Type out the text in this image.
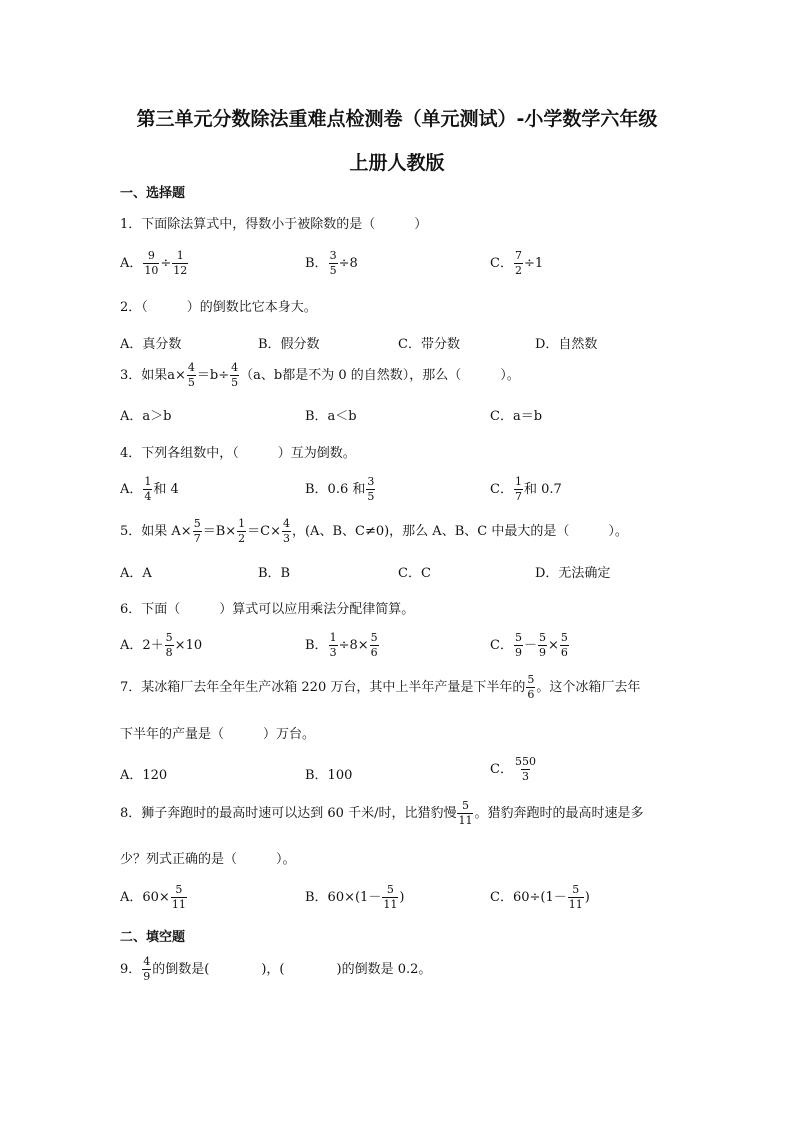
第三单元分数除法重难点检测卷（单元测试）-小学数学六年级
上册人教版
一、选择题
1．下面除法算式中，得数小于被除数的是（　　　）
A． $\frac{9}{10} \div \frac{1}{12}$	B． $\frac{3}{5} \div 8$	C． $\frac{7}{2} \div 1$
2．（　　　）的倒数比它本身大。
A．真分数	B．假分数	C．带分数	D．自然数
3．如果$a\times \frac{4}{5} =b\div \frac{4}{5} (a$、b都是不为 0 的自然数），那么（　　　）。
A．a＞b	B．a＜b	C．a＝b
4．下列各组数中，（　　　）互为倒数。
A． $\frac{1}{4}$ 和 4	B．0.6 和 $\frac{3}{5}$	C． $\frac{1}{7}$ 和 0.7
5．如果 $A\times \frac{5}{7} =B\times \frac{1}{2} =C\times \frac{4}{3}$ ，(A、B、C≠0)，那么 A、B、C 中最大的是（　　　）。
A．A	B．B	C．C	D．无法确定
6．下面（　　　）算式可以应用乘法分配律简算。
A．$2+ \frac{5}{8} \times 10$	B． $\frac{1}{3} \div 8\times \frac{5}{6}$	C． $\frac{5}{9} - \frac{5}{9} \times \frac{5}{6}$
7．某冰箱厂去年全年生产冰箱 220 万台，其中上半年产量是下半年的 $\frac{5}{6}$ 。这个冰箱厂去年
下半年的产量是（　　　）万台。
A．120	B．100	C． $\frac{550}{3}$
8．狮子奔跑时的最高时速可以达到 60 千米/时，比猎豹慢 $\frac{5}{11}$ 。猎豹奔跑时的最高时速是多
少？列式正确的是（　　　）。
A．$60\times \frac{5}{11}$	B．$60\times(1- \frac{5}{11}$ )	C．$60\div(1- \frac{5}{11}$ )
二、填空题
9． $\frac{4}{9}$ 的倒数是(　　　　)，(　　　　)的倒数是 0.2。
